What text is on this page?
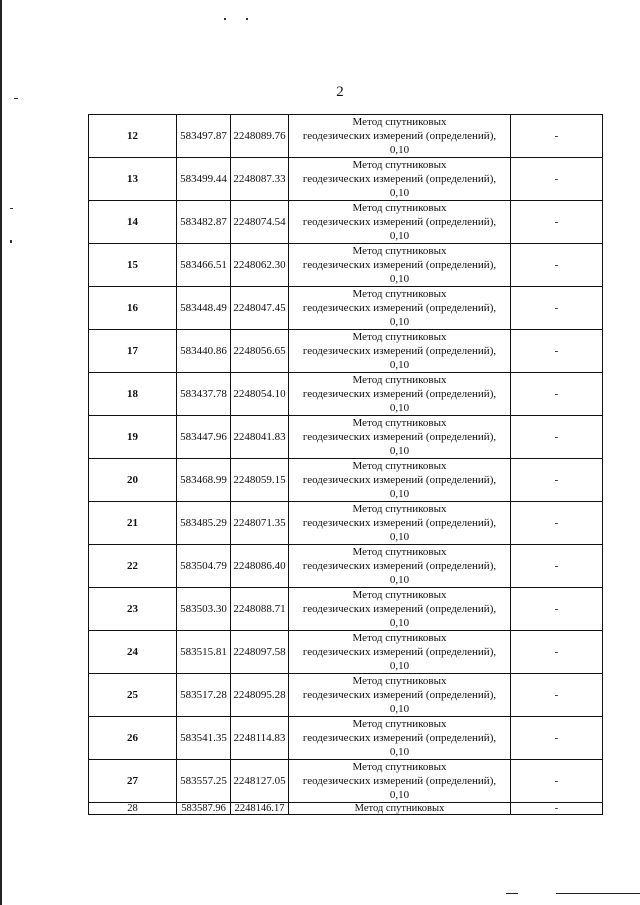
2
12	583497.87	2248089.76	Метод спутниковых
геодезических измерений (определений),
0,10	-
13	583499.44	2248087.33	Метод спутниковых
геодезических измерений (определений),
0,10	-
14	583482.87	2248074.54	Метод спутниковых
геодезических измерений (определений),
0,10	-
15	583466.51	2248062.30	Метод спутниковых
геодезических измерений (определений),
0,10	-
16	583448.49	2248047.45	Метод спутниковых
геодезических измерений (определений),
0,10	-
17	583440.86	2248056.65	Метод спутниковых
геодезических измерений (определений),
0,10	-
18	583437.78	2248054.10	Метод спутниковых
геодезических измерений (определений),
0,10	-
19	583447.96	2248041.83	Метод спутниковых
геодезических измерений (определений),
0,10	-
20	583468.99	2248059.15	Метод спутниковых
геодезических измерений (определений),
0,10	-
21	583485.29	2248071.35	Метод спутниковых
геодезических измерений (определений),
0,10	-
22	583504.79	2248086.40	Метод спутниковых
геодезических измерений (определений),
0,10	-
23	583503.30	2248088.71	Метод спутниковых
геодезических измерений (определений),
0,10	-
24	583515.81	2248097.58	Метод спутниковых
геодезических измерений (определений),
0,10	-
25	583517.28	2248095.28	Метод спутниковых
геодезических измерений (определений),
0,10	-
26	583541.35	2248114.83	Метод спутниковых
геодезических измерений (определений),
0,10	-
27	583557.25	2248127.05	Метод спутниковых
геодезических измерений (определений),
0,10	-
28	583587.96	2248146.17	Метод спутниковых	-
